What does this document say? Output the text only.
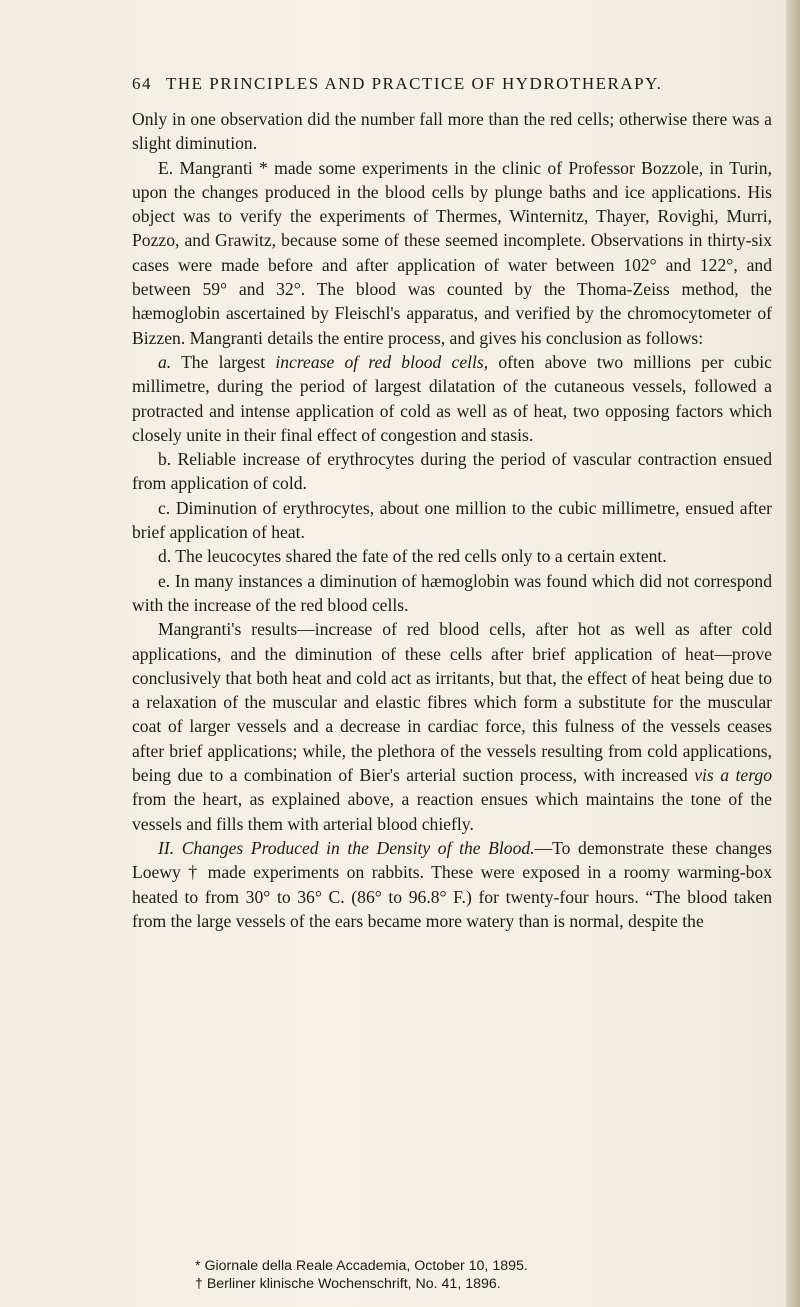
64 THE PRINCIPLES AND PRACTICE OF HYDROTHERAPY.

Only in one observation did the number fall more than the red cells; otherwise there was a slight diminution.

E. Mangranti * made some experiments in the clinic of Professor Bozzole, in Turin, upon the changes produced in the blood cells by plunge baths and ice applications. His object was to verify the experiments of Thermes, Winternitz, Thayer, Rovighi, Murri, Pozzo, and Grawitz, because some of these seemed incomplete. Observations in thirty-six cases were made before and after application of water between 102° and 122°, and between 59° and 32°. The blood was counted by the Thoma-Zeiss method, the hæmoglobin ascertained by Fleischl's apparatus, and verified by the chromocytometer of Bizzen. Mangranti details the entire process, and gives his conclusion as follows:

a. The largest increase of red blood cells, often above two millions per cubic millimetre, during the period of largest dilatation of the cutaneous vessels, followed a protracted and intense application of cold as well as of heat, two opposing factors which closely unite in their final effect of congestion and stasis.

b. Reliable increase of erythrocytes during the period of vascular contraction ensued from application of cold.

c. Diminution of erythrocytes, about one million to the cubic millimetre, ensued after brief application of heat.

d. The leucocytes shared the fate of the red cells only to a certain extent.

e. In many instances a diminution of hæmoglobin was found which did not correspond with the increase of the red blood cells.

Mangranti's results—increase of red blood cells, after hot as well as after cold applications, and the diminution of these cells after brief application of heat—prove conclusively that both heat and cold act as irritants, but that, the effect of heat being due to a relaxation of the muscular and elastic fibres which form a substitute for the muscular coat of larger vessels and a decrease in cardiac force, this fulness of the vessels ceases after brief applications; while, the plethora of the vessels resulting from cold applications, being due to a combination of Bier's arterial suction process, with increased vis a tergo from the heart, as explained above, a reaction ensues which maintains the tone of the vessels and fills them with arterial blood chiefly.

II. Changes Produced in the Density of the Blood.—To demonstrate these changes Loewy † made experiments on rabbits. These were exposed in a roomy warming-box heated to from 30° to 36° C. (86° to 96.8° F.) for twenty-four hours. “The blood taken from the large vessels of the ears became more watery than is normal, despite the

* Giornale della Reale Accademia, October 10, 1895.
† Berliner klinische Wochenschrift, No. 41, 1896.
